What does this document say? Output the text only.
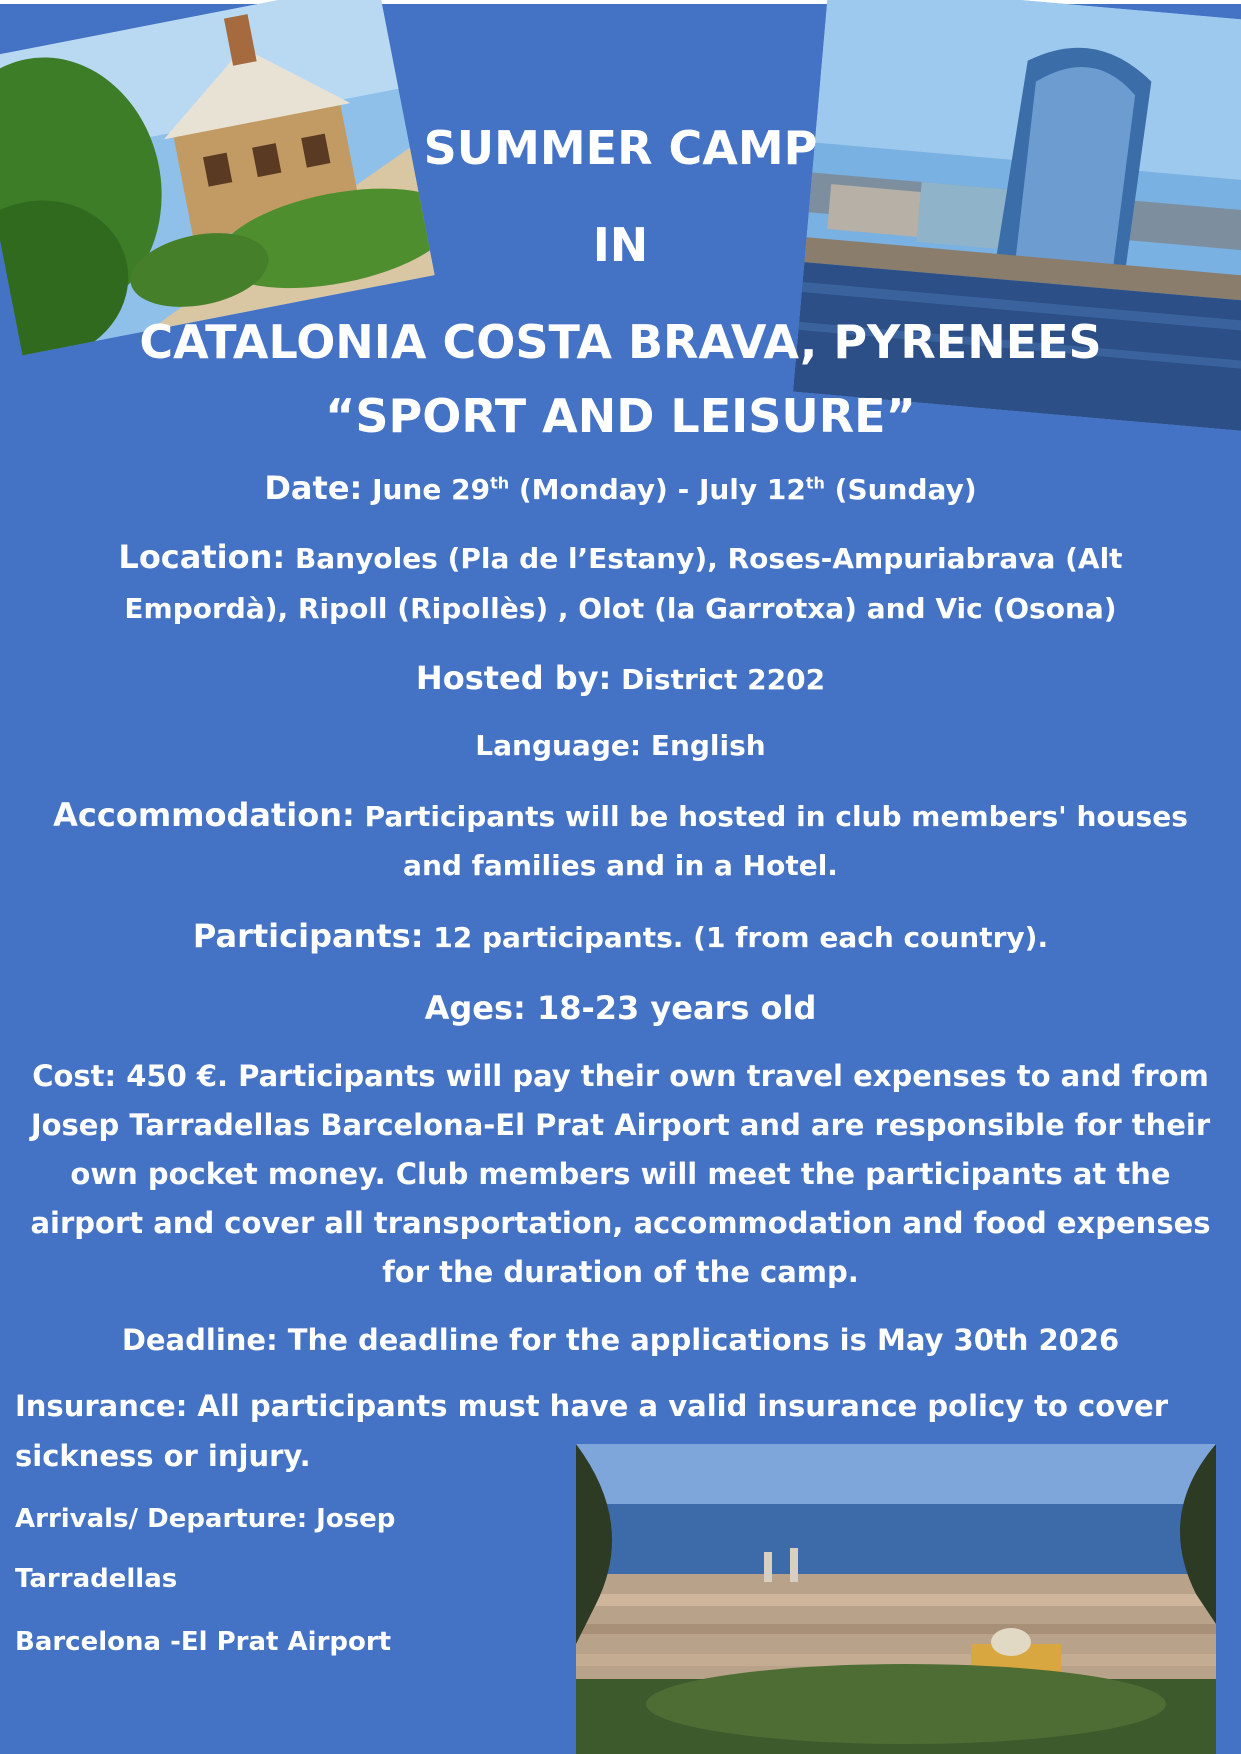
SUMMER CAMP
IN
CATALONIA COSTA BRAVA, PYRENEES
“SPORT AND LEISURE”
Date: June 29th (Monday) - July 12th (Sunday)
Location: Banyoles (Pla de l’Estany), Roses-Ampuriabrava (Alt
Empordà), Ripoll (Ripollès) , Olot (la Garrotxa) and Vic (Osona)
Hosted by: District 2202
Language: English
Accommodation: Participants will be hosted in club members' houses
and families and in a Hotel.
Participants: 12 participants. (1 from each country).
Ages: 18-23 years old
Cost: 450 €. Participants will pay their own travel expenses to and from
Josep Tarradellas Barcelona-El Prat Airport and are responsible for their
own pocket money. Club members will meet the participants at the
airport and cover all transportation, accommodation and food expenses
for the duration of the camp.
Deadline: The deadline for the applications is May 30th 2026
Insurance: All participants must have a valid insurance policy to cover
sickness or injury.
Arrivals/ Departure: Josep
Tarradellas
Barcelona -El Prat Airport
